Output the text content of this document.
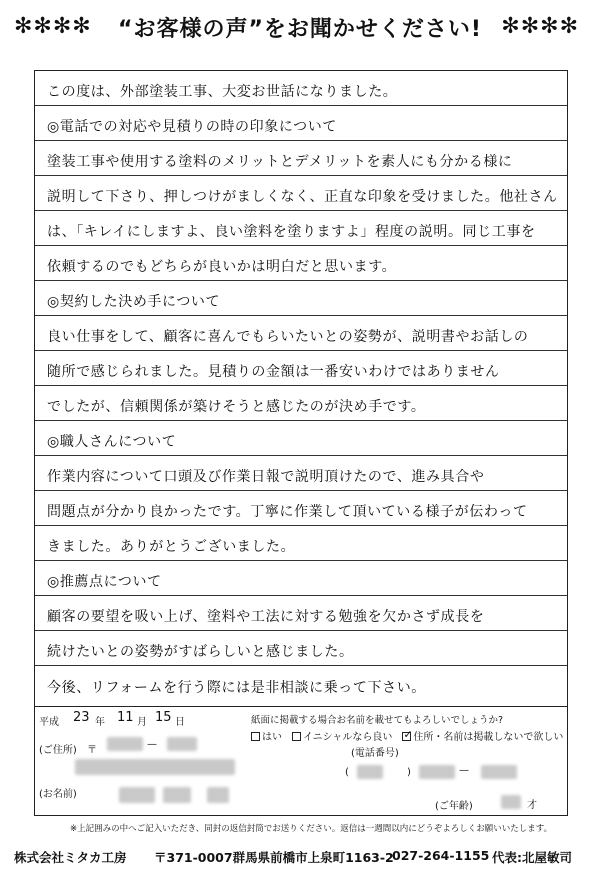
✻✻✻✻	“お客様の声”をお聞かせください! ✻✻✻✻
この度は、外部塗装工事、大変お世話になりました。
◎電話での対応や見積りの時の印象について
塗装工事や使用する塗料のメリットとデメリットを素人にも分かる様に
説明して下さり、押しつけがましくなく、正直な印象を受けました。他社さん
は、「キレイにしますよ、良い塗料を塗りますよ」程度の説明。同じ工事を
依頼するのでもどちらが良いかは明白だと思います。
◎契約した決め手について
良い仕事をして、顧客に喜んでもらいたいとの姿勢が、説明書やお話しの
随所で感じられました。見積りの金額は一番安いわけではありません
でしたが、信頼関係が築けそうと感じたのが決め手です。
◎職人さんについて
作業内容について口頭及び作業日報で説明頂けたので、進み具合や
問題点が分かり良かったです。丁寧に作業して頂いている様子が伝わって
きました。ありがとうございました。
◎推薦点について
顧客の要望を吸い上げ、塗料や工法に対する勉強を欠かさず成長を
続けたいとの姿勢がすばらしいと感じました。
今後、リフォームを行う際には是非相談に乗って下さい。
平成 23 年 11 月 15 日
(ご住所) 〒
—
(お名前)
紙面に掲載する場合お名前を載せてもよろしいでしょうか?
はい	イニシャルなら良い
✓	住所・名前は掲載しないで欲しい
(電話番号)
(	)	—
(ご年齢)	才
※上記囲みの中へご記入いただき、同封の返信封筒でお送りください。返信は一週間以内にどうぞよろしくお願いいたします。
株式会社ミタカ工房	〒371-0007群馬県前橋市上泉町1163-2
027-264-1155 代表:北屋敏司
